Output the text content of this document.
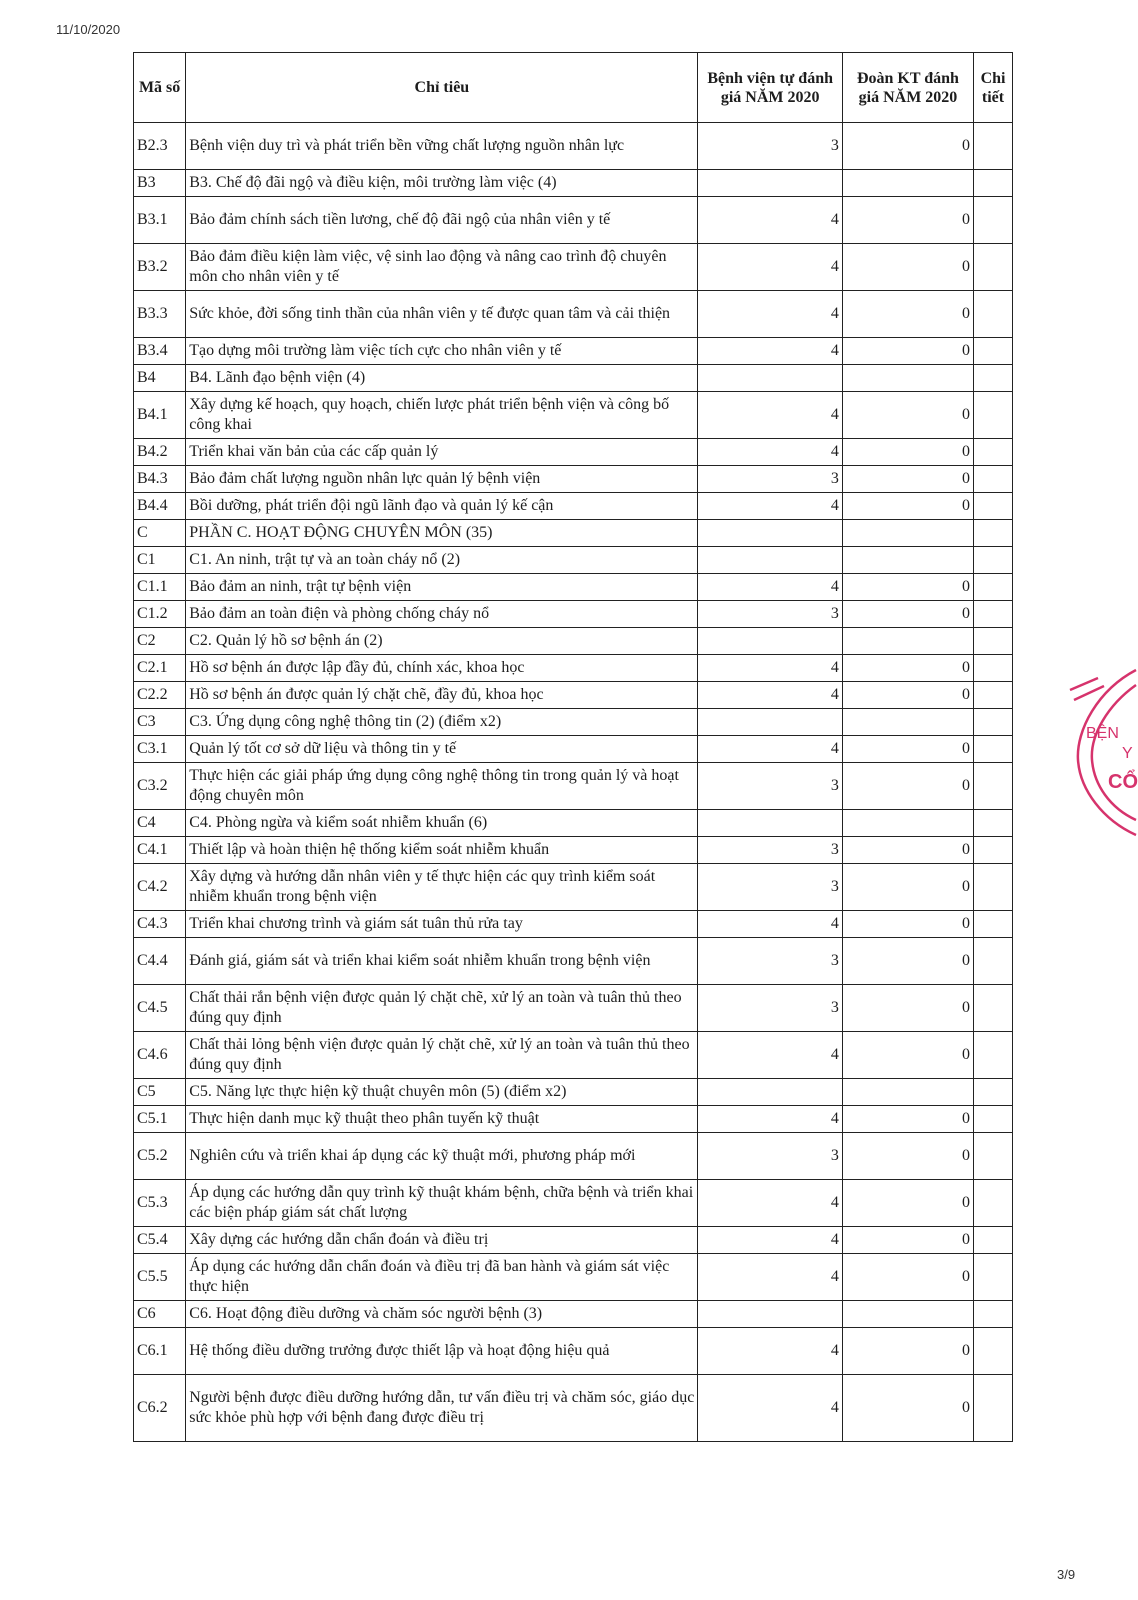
11/10/2020
Mã số	Chỉ tiêu	Bệnh viện tự đánh giá NĂM 2020	Đoàn KT đánh giá NĂM 2020	Chi tiết
B2.3	Bệnh viện duy trì và phát triển bền vững chất lượng nguồn nhân lực	3	0	
B3	B3. Chế độ đãi ngộ và điều kiện, môi trường làm việc (4)			
B3.1	Bảo đảm chính sách tiền lương, chế độ đãi ngộ của nhân viên y tế	4	0	
B3.2	Bảo đảm điều kiện làm việc, vệ sinh lao động và nâng cao trình độ chuyên môn cho nhân viên y tế	4	0	
B3.3	Sức khỏe, đời sống tinh thần của nhân viên y tế được quan tâm và cải thiện	4	0	
B3.4	Tạo dựng môi trường làm việc tích cực cho nhân viên y tế	4	0	
B4	B4. Lãnh đạo bệnh viện (4)			
B4.1	Xây dựng kế hoạch, quy hoạch, chiến lược phát triển bệnh viện và công bố công khai	4	0	
B4.2	Triển khai văn bản của các cấp quản lý	4	0	
B4.3	Bảo đảm chất lượng nguồn nhân lực quản lý bệnh viện	3	0	
B4.4	Bồi dưỡng, phát triển đội ngũ lãnh đạo và quản lý kế cận	4	0	
C	PHẦN C. HOẠT ĐỘNG CHUYÊN MÔN (35)			
C1	C1. An ninh, trật tự và an toàn cháy nổ (2)			
C1.1	Bảo đảm an ninh, trật tự bệnh viện	4	0	
C1.2	Bảo đảm an toàn điện và phòng chống cháy nổ	3	0	
C2	C2. Quản lý hồ sơ bệnh án (2)			
C2.1	Hồ sơ bệnh án được lập đầy đủ, chính xác, khoa học	4	0	
C2.2	Hồ sơ bệnh án được quản lý chặt chẽ, đầy đủ, khoa học	4	0	
C3	C3. Ứng dụng công nghệ thông tin (2) (điểm x2)			
C3.1	Quản lý tốt cơ sở dữ liệu và thông tin y tế	4	0	
C3.2	Thực hiện các giải pháp ứng dụng công nghệ thông tin trong quản lý và hoạt động chuyên môn	3	0	
C4	C4. Phòng ngừa và kiểm soát nhiễm khuẩn (6)			
C4.1	Thiết lập và hoàn thiện hệ thống kiểm soát nhiễm khuẩn	3	0	
C4.2	Xây dựng và hướng dẫn nhân viên y tế thực hiện các quy trình kiểm soát nhiễm khuẩn trong bệnh viện	3	0	
C4.3	Triển khai chương trình và giám sát tuân thủ rửa tay	4	0	
C4.4	Đánh giá, giám sát và triển khai kiểm soát nhiễm khuẩn trong bệnh viện	3	0	
C4.5	Chất thải rắn bệnh viện được quản lý chặt chẽ, xử lý an toàn và tuân thủ theo đúng quy định	3	0	
C4.6	Chất thải lỏng bệnh viện được quản lý chặt chẽ, xử lý an toàn và tuân thủ theo đúng quy định	4	0	
C5	C5. Năng lực thực hiện kỹ thuật chuyên môn (5) (điểm x2)			
C5.1	Thực hiện danh mục kỹ thuật theo phân tuyến kỹ thuật	4	0	
C5.2	Nghiên cứu và triển khai áp dụng các kỹ thuật mới, phương pháp mới	3	0	
C5.3	Áp dụng các hướng dẫn quy trình kỹ thuật khám bệnh, chữa bệnh và triển khai các biện pháp giám sát chất lượng	4	0	
C5.4	Xây dựng các hướng dẫn chẩn đoán và điều trị	4	0	
C5.5	Áp dụng các hướng dẫn chẩn đoán và điều trị đã ban hành và giám sát việc thực hiện	4	0	
C6	C6. Hoạt động điều dưỡng và chăm sóc người bệnh (3)			
C6.1	Hệ thống điều dưỡng trưởng được thiết lập và hoạt động hiệu quả	4	0	
C6.2	Người bệnh được điều dưỡng hướng dẫn, tư vấn điều trị và chăm sóc, giáo dục sức khỏe phù hợp với bệnh đang được điều trị	4	0	
BỆN
Y
CỔ
3/9
